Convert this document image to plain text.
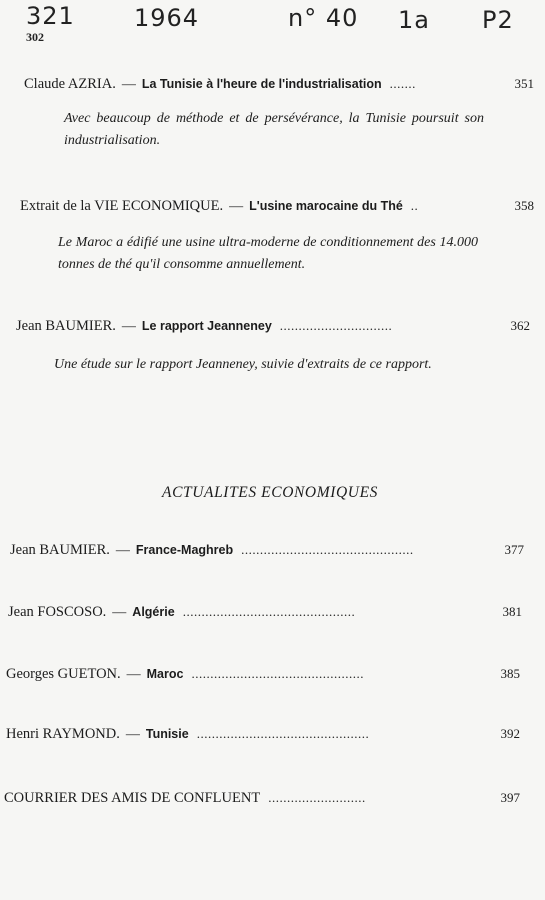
321 1964	n° 40 1a P2
302
Claude AZRIA. — La Tunisie à l'heure de l'industrialisation .......	351
Avec beaucoup de méthode et de persévérance, la Tunisie poursuit son industrialisation.
Extrait de la VIE ECONOMIQUE. — L'usine marocaine du Thé ..	358
Le Maroc a édifié une usine ultra-moderne de conditionnement des 14.000 tonnes de thé qu'il consomme annuellement.
Jean BAUMIER. — Le rapport Jeanneney ..............................	362
Une étude sur le rapport Jeanneney, suivie d'extraits de ce rapport.
ACTUALITES ECONOMIQUES
Jean BAUMIER. — France-Maghreb ..............................................	377
Jean FOSCOSO. — Algérie ..............................................	381
Georges GUETON. — Maroc ..............................................	385
Henri RAYMOND. — Tunisie ..............................................	392
COURRIER DES AMIS DE CONFLUENT ..........................	397
